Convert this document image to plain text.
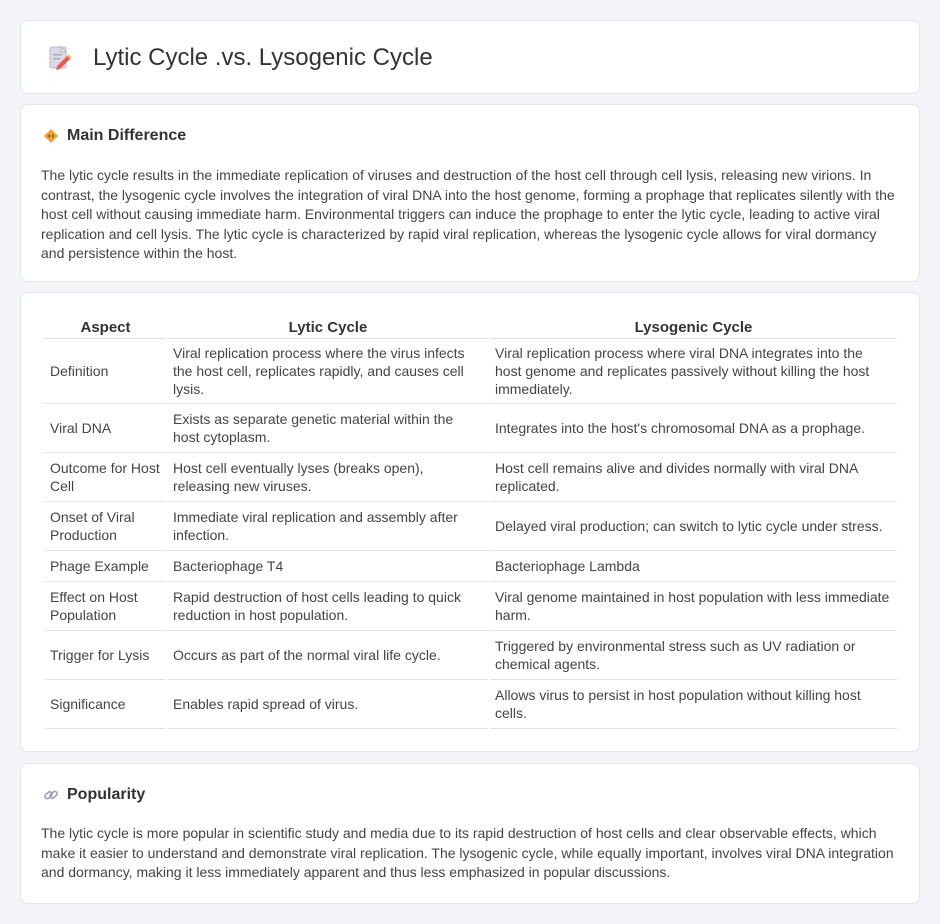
Lytic Cycle .vs. Lysogenic Cycle
Main Difference

The lytic cycle results in the immediate replication of viruses and destruction of the host cell through cell lysis, releasing new virions. In contrast, the lysogenic cycle involves the integration of viral DNA into the host genome, forming a prophage that replicates silently with the host cell without causing immediate harm. Environmental triggers can induce the prophage to enter the lytic cycle, leading to active viral replication and cell lysis. The lytic cycle is characterized by rapid viral replication, whereas the lysogenic cycle allows for viral dormancy and persistence within the host.

Aspect	Lytic Cycle	Lysogenic Cycle
Definition	Viral replication process where the virus infects the host cell, replicates rapidly, and causes cell lysis.	Viral replication process where viral DNA integrates into the host genome and replicates passively without killing the host immediately.
Viral DNA	Exists as separate genetic material within the host cytoplasm.	Integrates into the host's chromosomal DNA as a prophage.
Outcome for Host Cell	Host cell eventually lyses (breaks open), releasing new viruses.	Host cell remains alive and divides normally with viral DNA replicated.
Onset of Viral Production	Immediate viral replication and assembly after infection.	Delayed viral production; can switch to lytic cycle under stress.
Phage Example	Bacteriophage T4	Bacteriophage Lambda
Effect on Host Population	Rapid destruction of host cells leading to quick reduction in host population.	Viral genome maintained in host population with less immediate harm.
Trigger for Lysis	Occurs as part of the normal viral life cycle.	Triggered by environmental stress such as UV radiation or chemical agents.
Significance	Enables rapid spread of virus.	Allows virus to persist in host population without killing host cells.
Popularity

The lytic cycle is more popular in scientific study and media due to its rapid destruction of host cells and clear observable effects, which make it easier to understand and demonstrate viral replication. The lysogenic cycle, while equally important, involves viral DNA integration and dormancy, making it less immediately apparent and thus less emphasized in popular discussions.
